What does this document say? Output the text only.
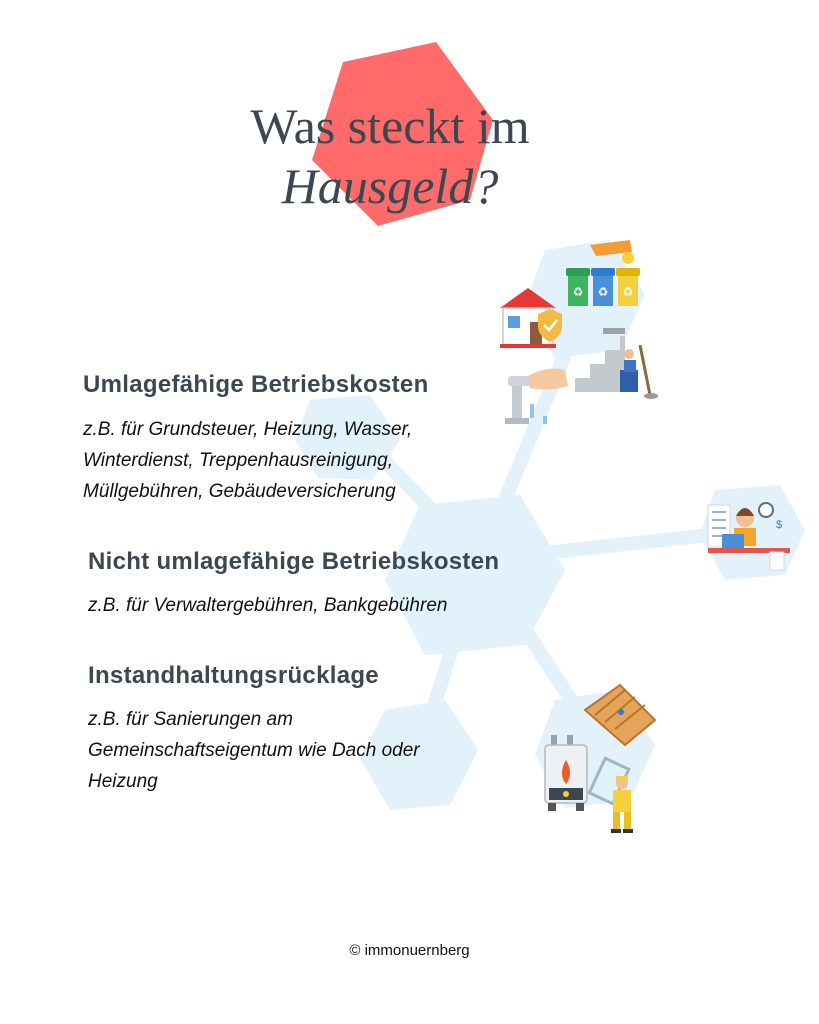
♻ ♻ ♻
$
Was steckt im
Hausgeld?
Umlagefähige Betriebskosten
z.B. für Grundsteuer, Heizung, Wasser,
Winterdienst, Treppenhausreinigung,
Müllgebühren, Gebäudeversicherung
Nicht umlagefähige Betriebskosten
z.B. für Verwaltergebühren, Bankgebühren
Instandhaltungsrücklage
z.B. für Sanierungen am
Gemeinschaftseigentum wie Dach oder
Heizung
© immonuernberg
